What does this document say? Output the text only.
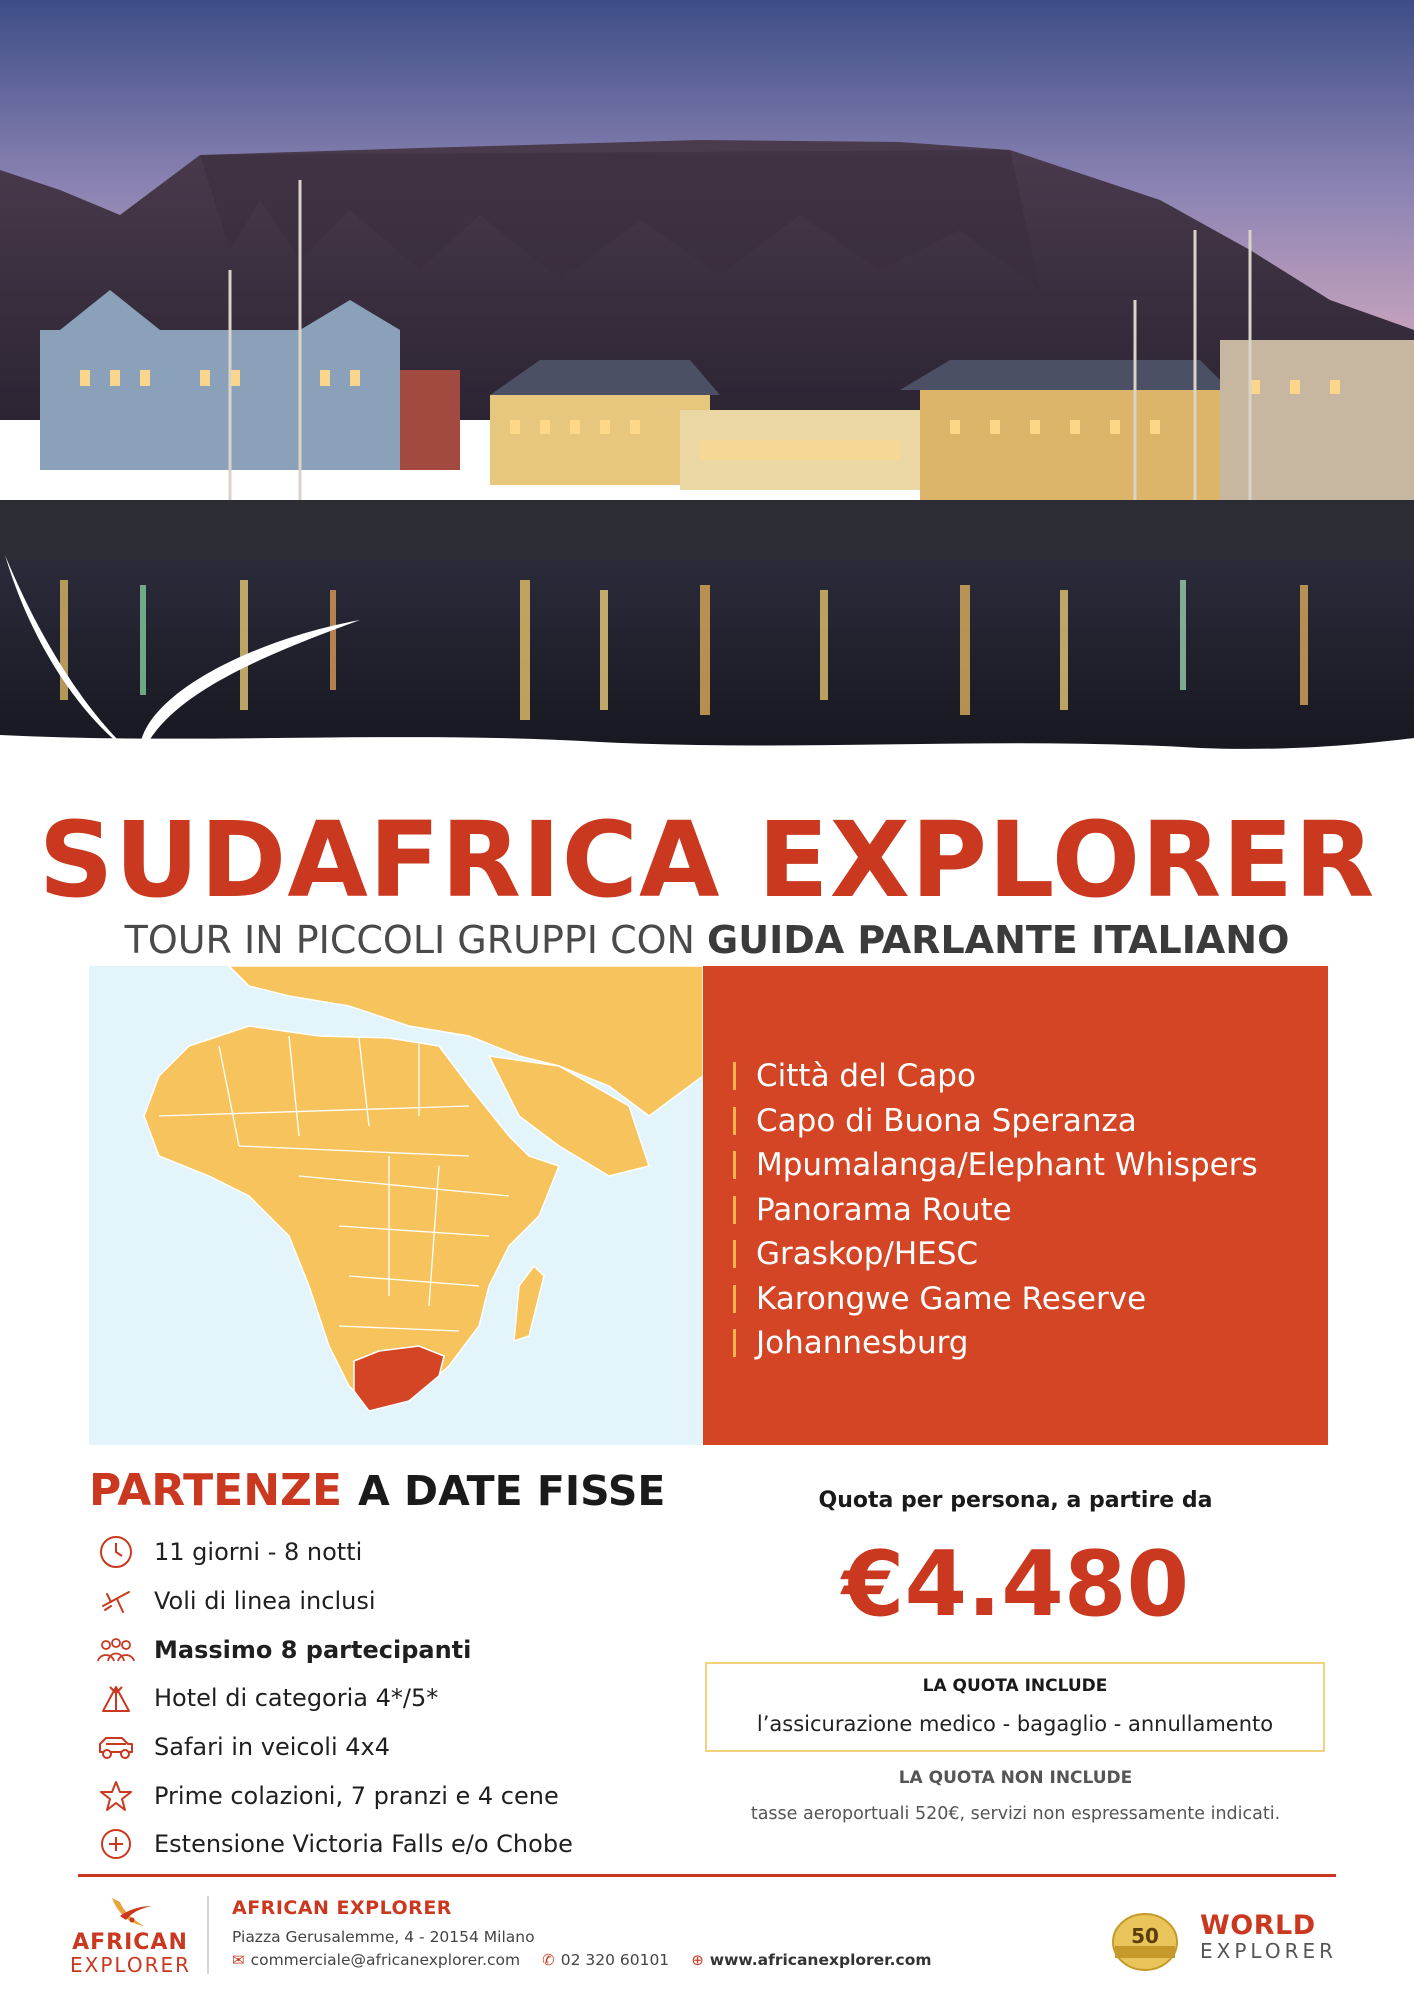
SUDAFRICA EXPLORER
TOUR IN PICCOLI GRUPPI CON GUIDA PARLANTE ITALIANO
Città del Capo
Capo di Buona Speranza
Mpumalanga/Elephant Whispers
Panorama Route
Graskop/HESC
Karongwe Game Reserve
Johannesburg
PARTENZE A DATE FISSE
11 giorni - 8 notti
Voli di linea inclusi
Massimo 8 partecipanti
Hotel di categoria 4*/5*
Safari in veicoli 4x4
Prime colazioni, 7 pranzi e 4 cene
Estensione Victoria Falls e/o Chobe
Quota per persona, a partire da
€4.480
LA QUOTA INCLUDE
l’assicurazione medico - bagaglio - annullamento
LA QUOTA NON INCLUDE
tasse aeroportuali 520€, servizi non espressamente indicati.
AFRICAN
EXPLORER
AFRICAN EXPLORER
Piazza Gerusalemme, 4 - 20154 Milano
✉ commerciale@africanexplorer.com ✆ 02 320 60101 ⊕ www.africanexplorer.com
50	WORLD
EXPLORER
